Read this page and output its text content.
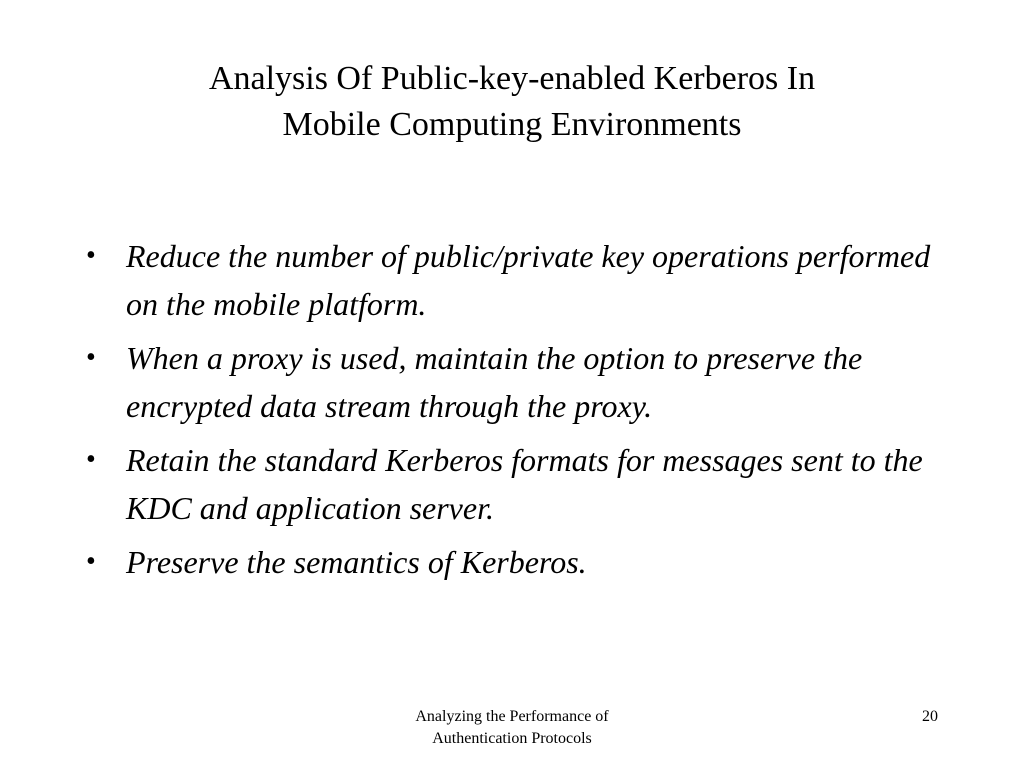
Analysis Of Public-key-enabled Kerberos In
Mobile Computing Environments
• Reduce the number of public/private key operations performed on the mobile platform.
• When a proxy is used, maintain the option to preserve the encrypted data stream through the proxy.
• Retain the standard Kerberos formats for messages sent to the KDC and application server.
• Preserve the semantics of Kerberos.
Analyzing the Performance of
Authentication Protocols
20
